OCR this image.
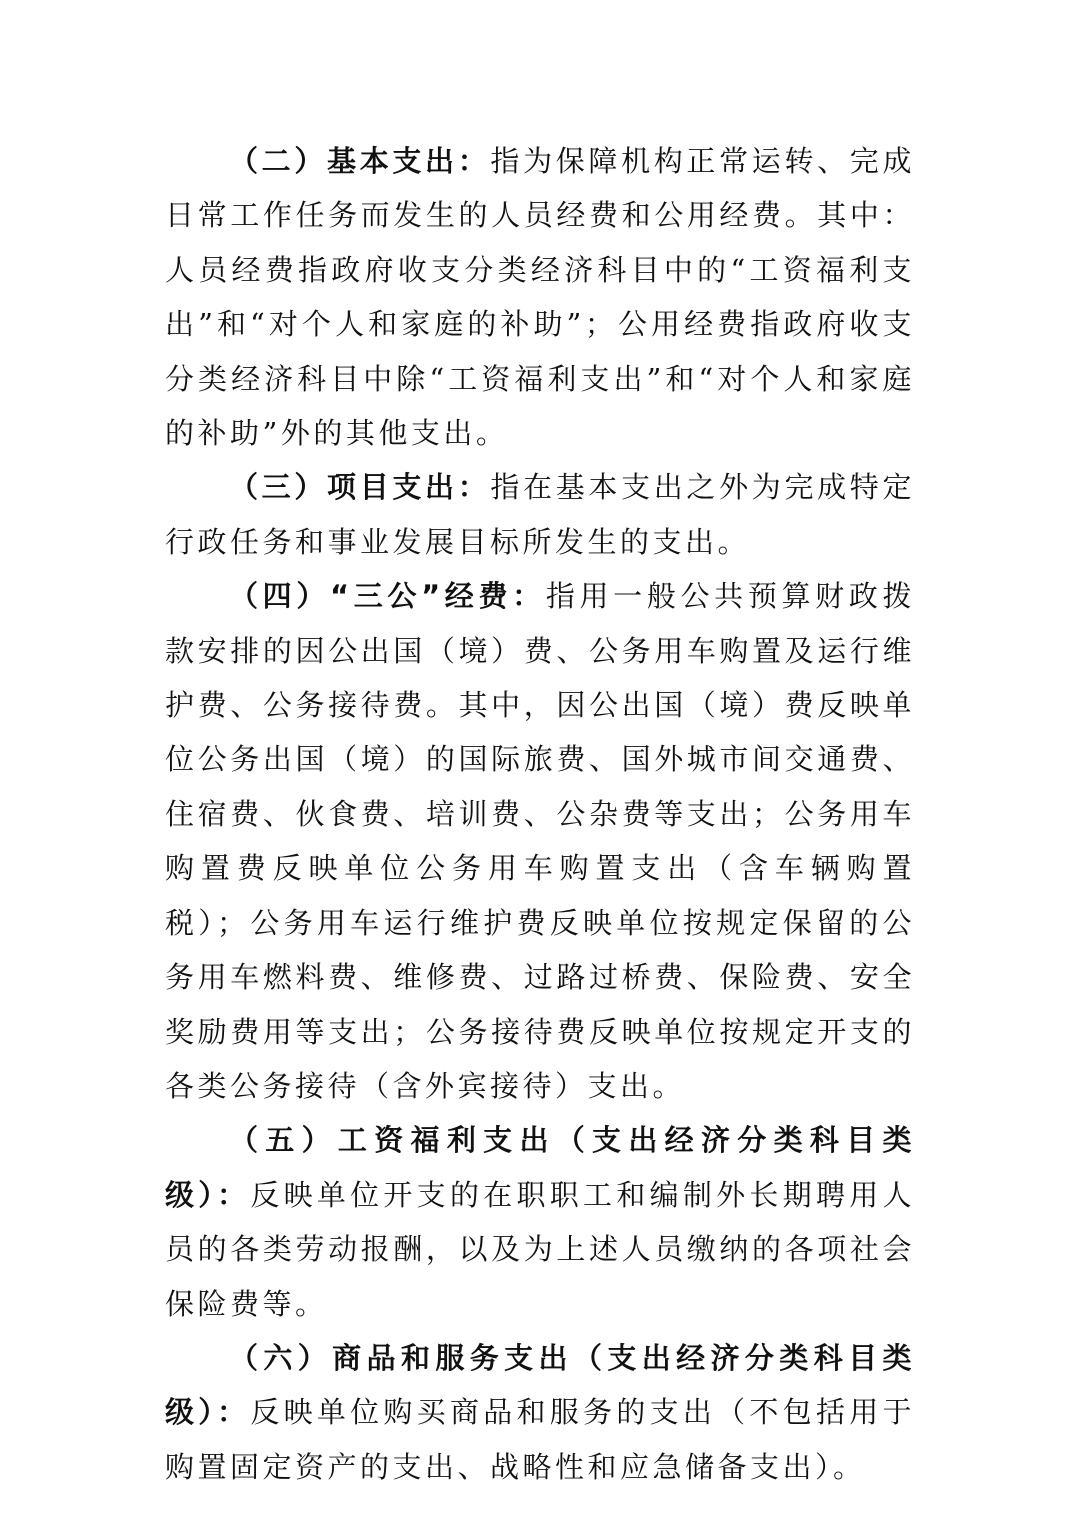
（二）基本支出：指为保障机构正常运转、完成日常工作任务而发生的人员经费和公用经费。其中：人员经费指政府收支分类经济科目中的“工资福利支出”和“对个人和家庭的补助”；公用经费指政府收支分类经济科目中除“工资福利支出”和“对个人和家庭的补助”外的其他支出。

（三）项目支出：指在基本支出之外为完成特定行政任务和事业发展目标所发生的支出。

（四）“三公”经费：指用一般公共预算财政拨款安排的因公出国（境）费、公务用车购置及运行维护费、公务接待费。其中，因公出国（境）费反映单位公务出国（境）的国际旅费、国外城市间交通费、住宿费、伙食费、培训费、公杂费等支出；公务用车购置费反映单位公务用车购置支出（含车辆购置税）；公务用车运行维护费反映单位按规定保留的公务用车燃料费、维修费、过路过桥费、保险费、安全奖励费用等支出；公务接待费反映单位按规定开支的各类公务接待（含外宾接待）支出。

（五）工资福利支出（支出经济分类科目类级）：反映单位开支的在职职工和编制外长期聘用人员的各类劳动报酬，以及为上述人员缴纳的各项社会保险费等。

（六）商品和服务支出（支出经济分类科目类级）：反映单位购买商品和服务的支出（不包括用于购置固定资产的支出、战略性和应急储备支出）。
